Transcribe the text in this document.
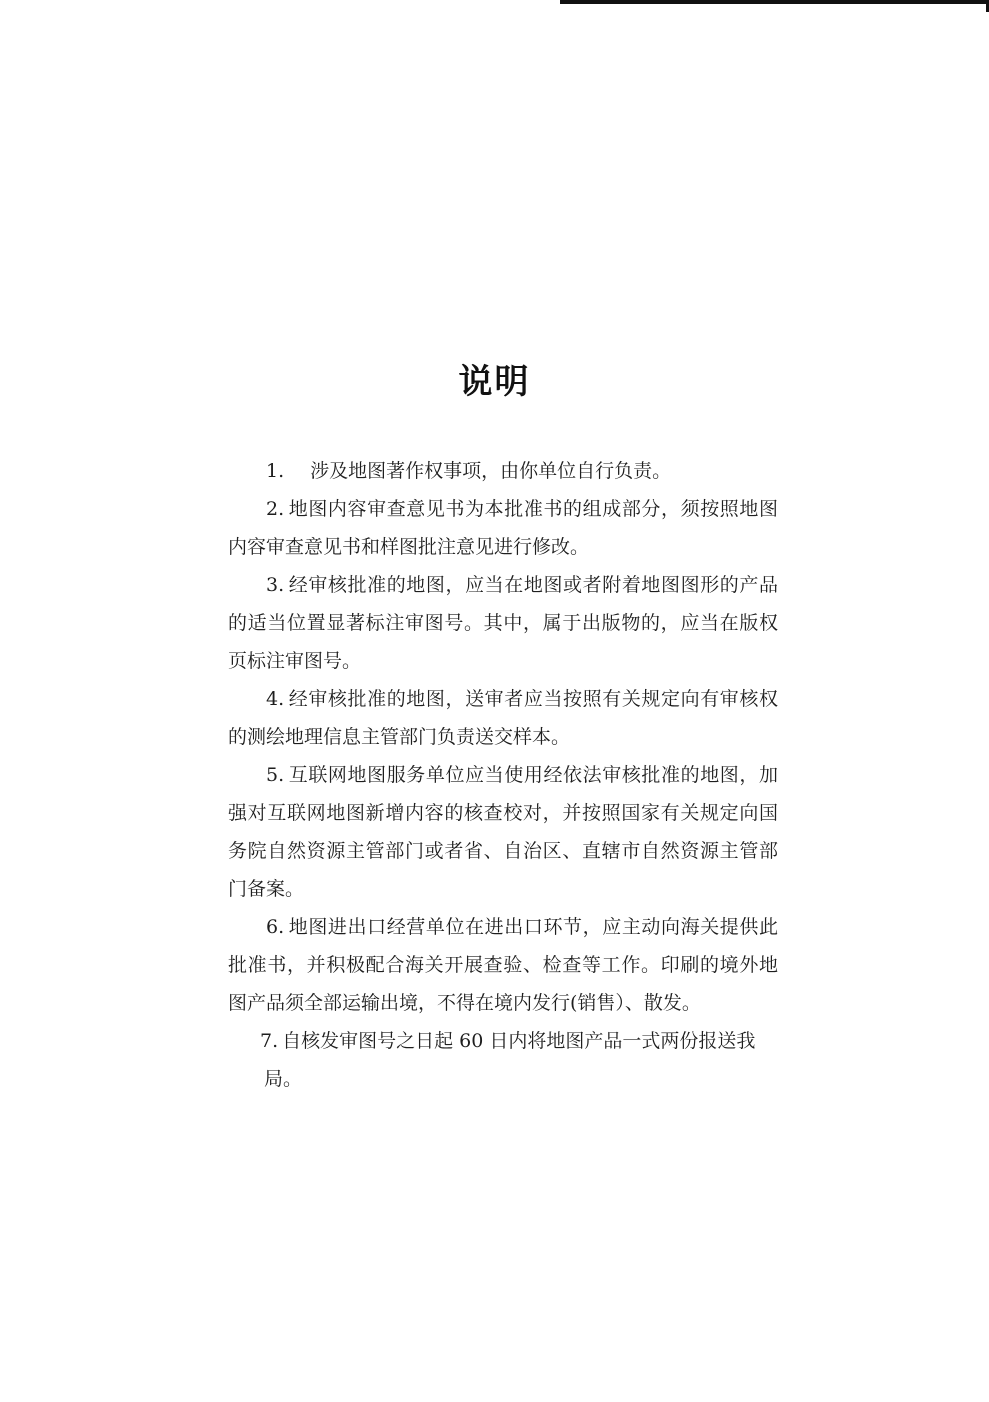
说明

1. 涉及地图著作权事项，由你单位自行负责。

2. 地图内容审查意见书为本批准书的组成部分，须按照地图内容审查意见书和样图批注意见进行修改。

3. 经审核批准的地图，应当在地图或者附着地图图形的产品的适当位置显著标注审图号。其中，属于出版物的，应当在版权页标注审图号。

4. 经审核批准的地图，送审者应当按照有关规定向有审核权的测绘地理信息主管部门负责送交样本。

5. 互联网地图服务单位应当使用经依法审核批准的地图，加强对互联网地图新增内容的核查校对，并按照国家有关规定向国务院自然资源主管部门或者省、自治区、直辖市自然资源主管部门备案。

6. 地图进出口经营单位在进出口环节，应主动向海关提供此批准书，并积极配合海关开展查验、检查等工作。印刷的境外地图产品须全部运输出境，不得在境内发行(销售）、散发。

7. 自核发审图号之日起 60 日内将地图产品一式两份报送我
局。
